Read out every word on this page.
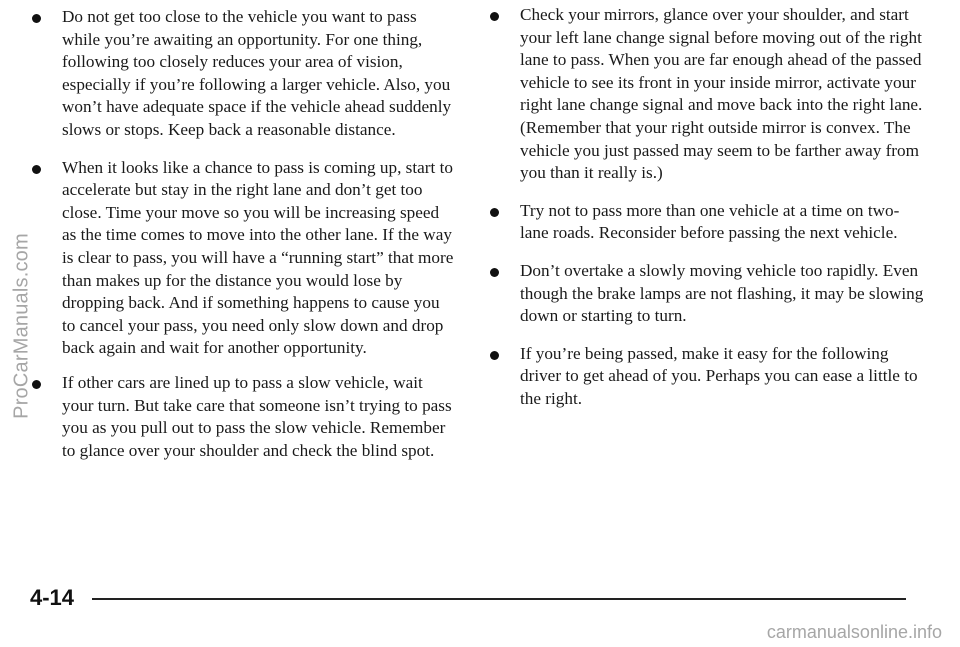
Do not get too close to the vehicle you want to pass while you’re awaiting an opportunity. For one thing, following too closely reduces your area of vision, especially if you’re following a larger vehicle. Also, you won’t have adequate space if the vehicle ahead suddenly slows or stops. Keep back a reasonable distance.
When it looks like a chance to pass is coming up, start to accelerate but stay in the right lane and don’t get too close. Time your move so you will be increasing speed as the time comes to move into the other lane. If the way is clear to pass, you will have a “running start” that more than makes up for the distance you would lose by dropping back. And if something happens to cause you to cancel your pass, you need only slow down and drop back again and wait for another opportunity.
If other cars are lined up to pass a slow vehicle, wait your turn. But take care that someone isn’t trying to pass you as you pull out to pass the slow vehicle. Remember to glance over your shoulder and check the blind spot.
Check your mirrors, glance over your shoulder, and start your left lane change signal before moving out of the right lane to pass. When you are far enough ahead of the passed vehicle to see its front in your inside mirror, activate your right lane change signal and move back into the right lane. (Remember that your right outside mirror is convex. The vehicle you just passed may seem to be farther away from you than it really is.)
Try not to pass more than one vehicle at a time on two-lane roads. Reconsider before passing the next vehicle.
Don’t overtake a slowly moving vehicle too rapidly. Even though the brake lamps are not flashing, it may be slowing down or starting to turn.
If you’re being passed, make it easy for the following driver to get ahead of you. Perhaps you can ease a little to the right.
4-14
ProCarManuals.com
carmanualsonline.info
